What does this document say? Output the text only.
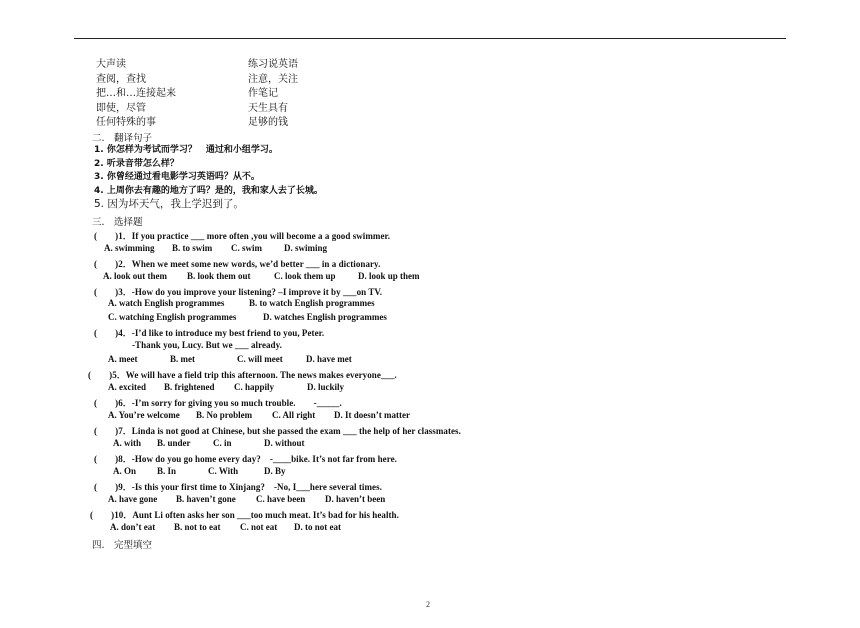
大声读	练习说英语
查阅，查找	注意，关注
把…和…连接起来	作笔记
即使，尽管	天生具有
任何特殊的事	足够的钱
二.　翻译句子
1. 你怎样为考试而学习？　通过和小组学习。
2. 听录音带怎么样？
3. 你曾经通过看电影学习英语吗？从不。
4. 上周你去有趣的地方了吗？是的，我和家人去了长城。
5. 因为坏天气，我上学迟到了。
三.　选择题
(　　)1．If you practice ___ more often ,you will become a a good swimmer.
A. swimming B. to swim C. swim D. swiming
(　　)2．When we meet some new words, we’d better ___ in a dictionary.
A. look out them B. look them out	C. look them up D. look up them
(　　)3．-How do you improve your listening? –I improve it by ___on TV.
A. watch English programmes	B. to watch English programmes
C. watching English programmes	D. watches English programmes
(　　)4．-I’d like to introduce my best friend to you, Peter.
-Thank you, Lucy. But we ___ already.
A. meet	B. met	C. will meet	D. have met
(　　)5．We will have a field trip this afternoon. The news makes everyone___.
A. excited B. frightened C. happily	D. luckily
(　　)6．-I’m sorry for giving you so much trouble.　　-_____.
A. You’re welcome B. No problem C. All right D. It doesn’t matter
(　　)7．Linda is not good at Chinese, but she passed the exam ___ the help of her classmates.
A. with B. under C. in	D. without
(　　)8．-How do you go home every day?　-____bike. It’s not far from here.
A. On B. In	C. With	D. By
(　　)9．-Is this your first time to Xinjang?　-No, I___here several times.
A. have gone B. haven’t gone C. have been D. haven’t been
(　　)10．Aunt Li often asks her son ___too much meat. It’s bad for his health.
A. don’t eat B. not to eat C. not eat D. to not eat
四.　完型填空
2
